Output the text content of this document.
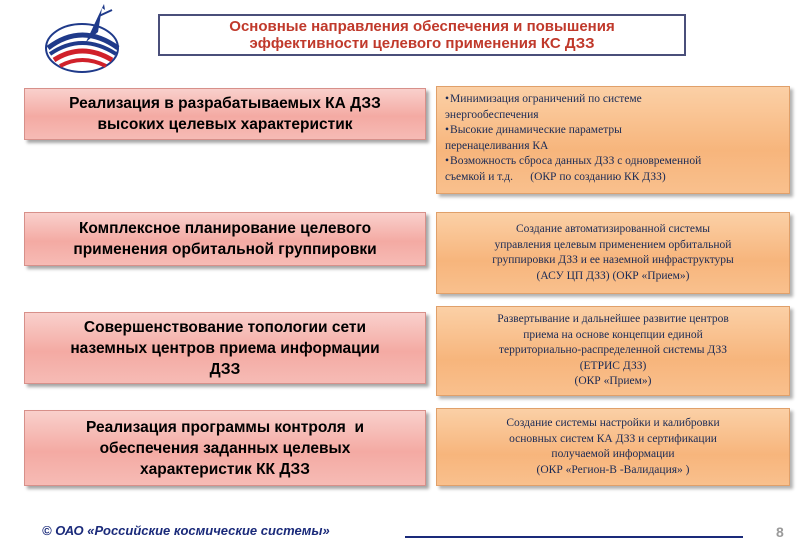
Основные направления обеспечения и повышения
эффективности целевого применения КС ДЗЗ
Реализация в разрабатываемых КА ДЗЗ
высоких целевых характеристик
• Минимизация ограничений по системе
энергообеспечения
• Высокие динамические параметры
перенацеливания КА
• Возможность сброса данных ДЗЗ с одновременной
съемкой и т.д.      (ОКР по созданию КК ДЗЗ)
Комплексное планирование целевого
применения орбитальной группировки
Создание автоматизированной системы
управления целевым применением орбитальной
группировки ДЗЗ и ее наземной инфраструктуры
(АСУ ЦП ДЗЗ) (ОКР «Прием»)
Совершенствование топологии сети
наземных центров приема информации
ДЗЗ
Развертывание и дальнейшее развитие центров
приема на основе концепции единой
территориально-распределенной системы ДЗЗ
(ЕТРИС ДЗЗ)
(ОКР «Прием»)
Реализация программы контроля  и
обеспечения заданных целевых
характеристик КК ДЗЗ
Создание системы настройки и калибровки
основных систем КА ДЗЗ и сертификации
получаемой информации
(ОКР «Регион-В -Валидация» )
© ОАО «Российские космические системы»	8
